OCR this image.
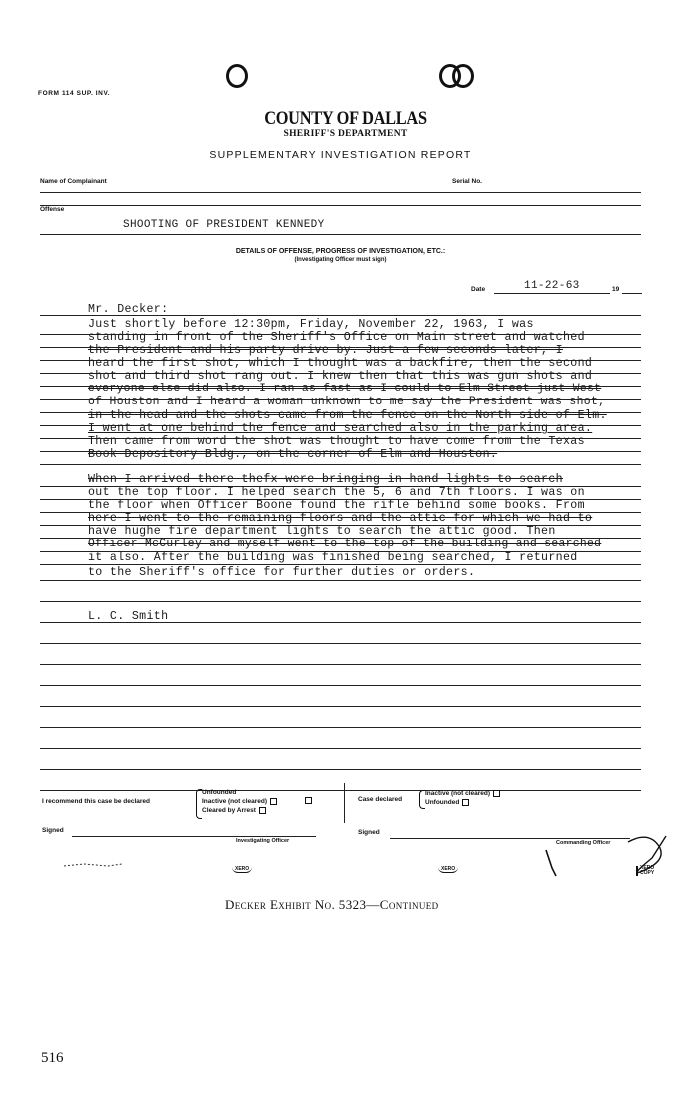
FORM 114 SUP. INV.
COUNTY OF DALLAS
SHERIFF'S DEPARTMENT
SUPPLEMENTARY INVESTIGATION REPORT
Name of Complainant	Serial No.
Offense
SHOOTING OF PRESIDENT KENNEDY
DETAILS OF OFFENSE, PROGRESS OF INVESTIGATION, ETC.:
(Investigating Officer must sign)
Date	11-22-63	19
Mr. Decker:
Just shortly before 12:30pm, Friday, November 22, 1963, I was
standing in front of the Sheriff's Office on Main street and watched
the President and his party drive by. Just a few seconds later, I
heard the first shot, which I thought was a backfire, then the second
shot and third shot rang out. I knew then that this was gun shots and
everyone else did also. I ran as fast as I could to Elm Street just West
of Houston and I heard a woman unknown to me say the President was shot,
in the head and the shots came from the fence on the North side of Elm.
I went at one behind the fence and searched also in the parking area.
Then came from word the shot was thought to have come from the Texas
Book Depository Bldg., on the corner of Elm and Houston.
When I arrived there thefx were bringing in hand lights to search
out the top floor. I helped search the 5, 6 and 7th floors. I was on
the floor when Officer Boone found the rifle behind some books. From
here I went to the remaining floors and the attic for which we had to
have hughe fire department lights to search the attic good. Then
Officer McCurley and myself went to the top of the building and searched
it also. After the building was finished being searched, I returned
to the Sheriff's office for further duties or orders.
L. C. Smith
I recommend this case be declared
Unfounded
Inactive (not cleared)
Cleared by Arrest
Case declared
Inactive (not cleared)
Unfounded
Signed
Investigating Officer
Signed
Commanding Officer
XERO	XERO	XERO COPY
Decker Exhibit No. 5323—Continued
516
